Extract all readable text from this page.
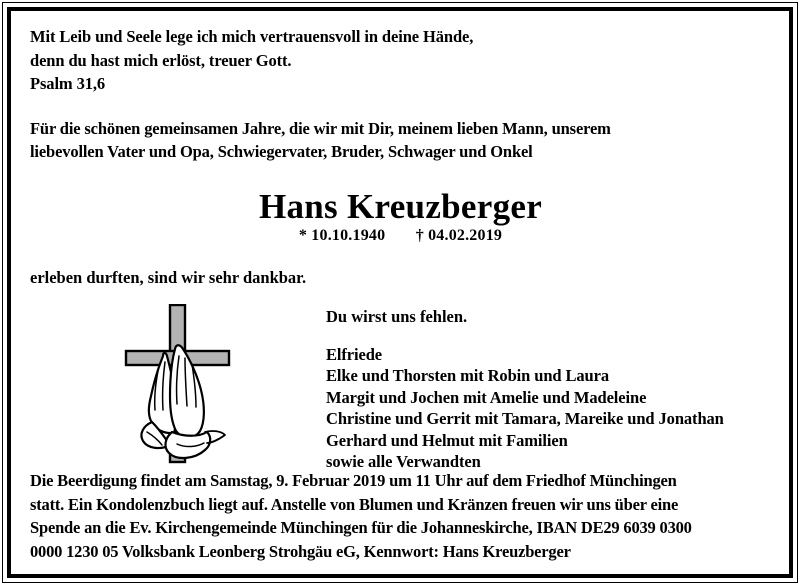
Mit Leib und Seele lege ich mich vertrauensvoll in deine Hände,
denn du hast mich erlöst, treuer Gott.
Psalm 31,6
Für die schönen gemeinsamen Jahre, die wir mit Dir, meinem lieben Mann, unserem
liebevollen Vater und Opa, Schwiegervater, Bruder, Schwager und Onkel
Hans Kreuzberger
* 10.10.1940 † 04.02.2019
erleben durften, sind wir sehr dankbar.
Du wirst uns fehlen.
Elfriede
Elke und Thorsten mit Robin und Laura
Margit und Jochen mit Amelie und Madeleine
Christine und Gerrit mit Tamara, Mareike und Jonathan
Gerhard und Helmut mit Familien
sowie alle Verwandten
Die Beerdigung findet am Samstag, 9. Februar 2019 um 11 Uhr auf dem Friedhof Münchingen
statt. Ein Kondolenzbuch liegt auf. Anstelle von Blumen und Kränzen freuen wir uns über eine
Spende an die Ev. Kirchengemeinde Münchingen für die Johanneskirche, IBAN DE29 6039 0300
0000 1230 05 Volksbank Leonberg Strohgäu eG, Kennwort: Hans Kreuzberger
